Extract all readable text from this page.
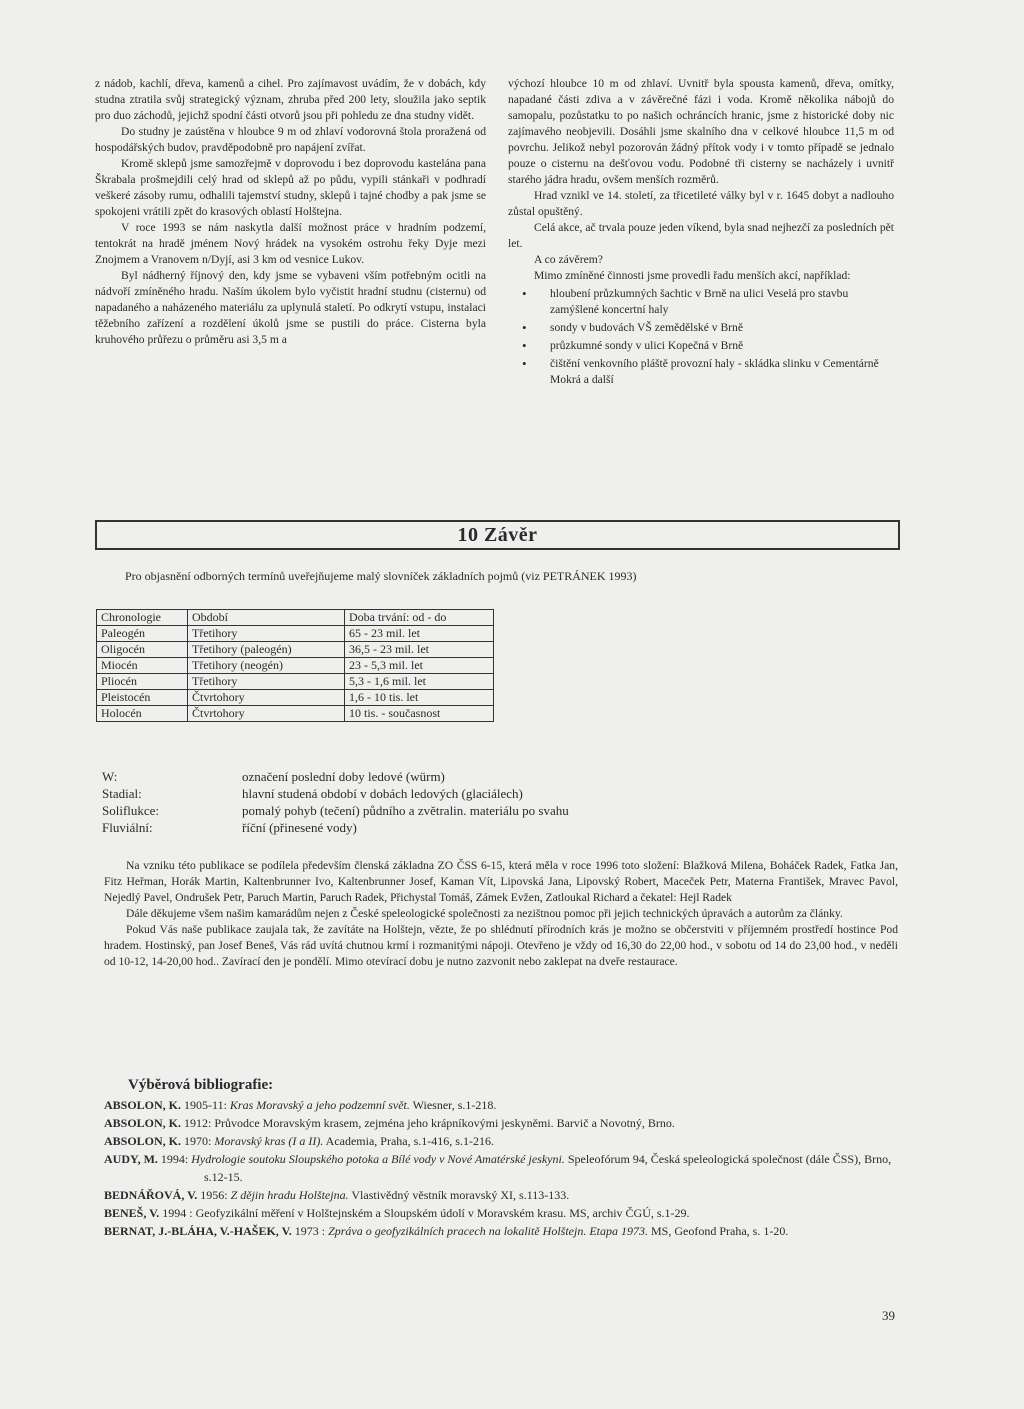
z nádob, kachlí, dřeva, kamenů a cihel. Pro zajímavost uvádím, že v dobách, kdy studna ztratila svůj strategický význam, zhruba před 200 lety, sloužila jako septik pro duo záchodů, jejichž spodní části otvorů jsou při pohledu ze dna studny vidět.

Do studny je zaústěna v hloubce 9 m od zhlaví vodorovná štola proražená od hospodářských budov, pravděpodobně pro napájení zvířat.

Kromě sklepů jsme samozřejmě v doprovodu i bez doprovodu kastelána pana Škrabala prošmejdili celý hrad od sklepů až po půdu, vypili stánkaři v podhradí veškeré zásoby rumu, odhalili tajemství studny, sklepů i tajné chodby a pak jsme se spokojeni vrátili zpět do krasových oblastí Holštejna.

V roce 1993 se nám naskytla další možnost práce v hradním podzemí, tentokrát na hradě jménem Nový hrádek na vysokém ostrohu řeky Dyje mezi Znojmem a Vranovem n/Dyjí, asi 3 km od vesnice Lukov.

Byl nádherný říjnový den, kdy jsme se vybaveni vším potřebným ocitli na nádvoří zmíněného hradu. Naším úkolem bylo vyčistit hradní studnu (cisternu) od napadaného a naházeného materiálu za uplynulá staletí. Po odkrytí vstupu, instalaci těžebního zařízení a rozdělení úkolů jsme se pustili do práce. Cisterna byla kruhového průřezu o průměru asi 3,5 m a

výchozí hloubce 10 m od zhlaví. Uvnitř byla spousta kamenů, dřeva, omítky, napadané části zdiva a v závěrečné fázi i voda. Kromě několika nábojů do samopalu, pozůstatku to po našich ochráncích hranic, jsme z historické doby nic zajímavého neobjevili. Dosáhli jsme skalního dna v celkové hloubce 11,5 m od povrchu. Jelikož nebyl pozorován žádný přítok vody i v tomto případě se jednalo pouze o cisternu na dešťovou vodu. Podobné tři cisterny se nacházely i uvnitř starého jádra hradu, ovšem menších rozměrů.

Hrad vznikl ve 14. století, za třicetileté války byl v r. 1645 dobyt a nadlouho zůstal opuštěný.

Celá akce, ač trvala pouze jeden víkend, byla snad nejhezčí za posledních pět let.

A co závěrem?

Mimo zmíněné činnosti jsme provedli řadu menších akcí, například:

• hloubení průzkumných šachtic v Brně na ulici Veselá pro stavbu zamýšlené koncertní haly
• sondy v budovách VŠ zemědělské v Brně
• průzkumné sondy v ulici Kopečná v Brně
• čištění venkovního pláště provozní haly - skládka slinku v Cementárně Mokrá a další
10 Závěr
Pro objasnění odborných termínů uveřejňujeme malý slovníček základních pojmů (viz PETRÁNEK 1993)
Chronologie	Období	Doba trvání: od - do
Paleogén	Třetihory	65 - 23 mil. let
Oligocén	Třetihory (paleogén)	36,5 - 23 mil. let
Miocén	Třetihory (neogén)	23 - 5,3 mil. let
Pliocén	Třetihory	5,3 - 1,6 mil. let
Pleistocén	Čtvrtohory	1,6 - 10 tis. let
Holocén	Čtvrtohory	10 tis. - současnost
W:	označení poslední doby ledové (würm)
Stadial:	hlavní studená období v dobách ledových (glaciálech)
Soliflukce:	pomalý pohyb (tečení) půdního a zvětralin. materiálu po svahu
Fluviální:	říční (přinesené vody)

Na vzniku této publikace se podílela především členská základna ZO ČSS 6-15, která měla v roce 1996 toto složení: Blažková Milena, Boháček Radek, Fatka Jan, Fitz Heřman, Horák Martin, Kaltenbrunner Ivo, Kaltenbrunner Josef, Kaman Vít, Lipovská Jana, Lipovský Robert, Maceček Petr, Materna František, Mravec Pavol, Nejedlý Pavel, Ondrušek Petr, Paruch Martin, Paruch Radek, Přichystal Tomáš, Zámek Evžen, Zatloukal Richard a čekatel: Hejl Radek

Dále děkujeme všem našim kamarádům nejen z České speleologické společnosti za nezištnou pomoc při jejich technických úpravách a autorům za články.

Pokud Vás naše publikace zaujala tak, že zavítáte na Holštejn, vězte, že po shlédnutí přírodních krás je možno se občerstviti v příjemném prostředí hostince Pod hradem. Hostinský, pan Josef Beneš, Vás rád uvítá chutnou krmí i rozmanitými nápoji. Otevřeno je vždy od 16,30 do 22,00 hod., v sobotu od 14 do 23,00 hod., v neděli od 10-12, 14-20,00 hod.. Zavírací den je pondělí. Mimo otevírací dobu je nutno zazvonit nebo zaklepat na dveře restaurace.

Výběrová bibliografie:
ABSOLON, K. 1905-11: Kras Moravský a jeho podzemní svět. Wiesner, s.1-218.
ABSOLON, K. 1912: Průvodce Moravským krasem, zejména jeho krápníkovými jeskyněmi. Barvič a Novotný, Brno.
ABSOLON, K. 1970: Moravský kras (I a II). Academia, Praha, s.1-416, s.1-216.
AUDY, M. 1994: Hydrologie soutoku Sloupského potoka a Bílé vody v Nové Amatérské jeskyni. Speleofórum 94, Česká speleologická společnost (dále ČSS), Brno, s.12-15.
BEDNÁŘOVÁ, V. 1956: Z dějin hradu Holštejna. Vlastivědný věstník moravský XI, s.113-133.
BENEŠ, V. 1994 : Geofyzikální měření v Holštejnském a Sloupském údolí v Moravském krasu. MS, archiv ČGÚ, s.1-29.
BERNAT, J.-BLÁHA, V.-HAŠEK, V. 1973 : Zpráva o geofyzikálních pracech na lokalitě Holštejn. Etapa 1973. MS, Geofond Praha, s. 1-20.
39
